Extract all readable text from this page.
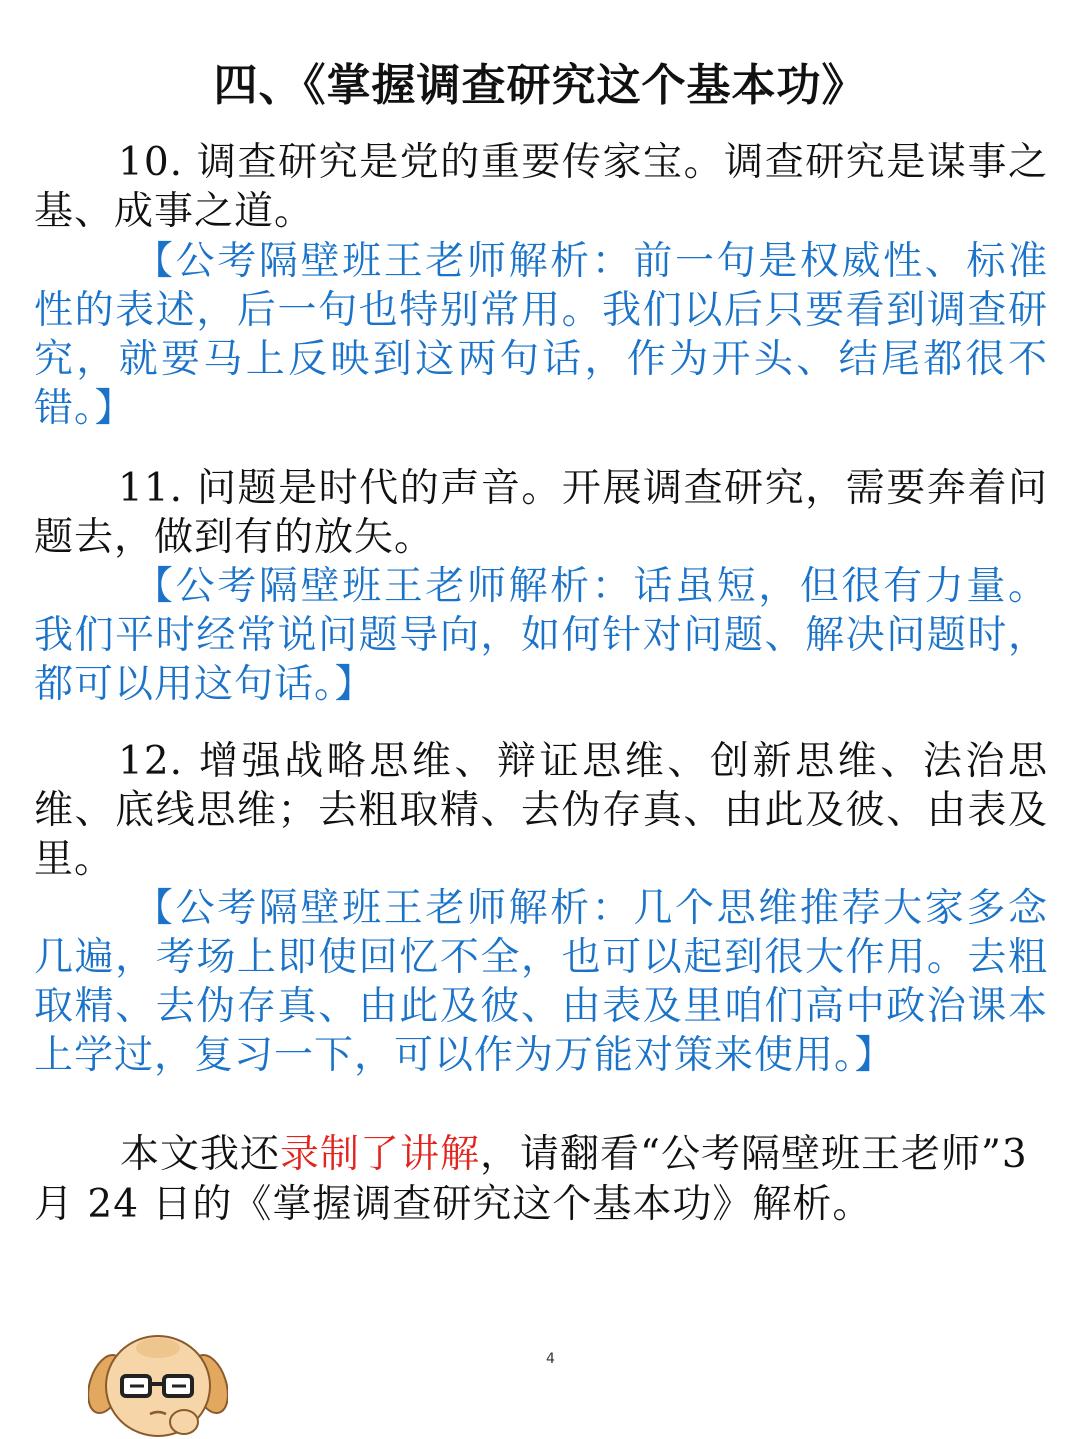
四、《掌握调查研究这个基本功》

10. 调查研究是党的重要传家宝。调查研究是谋事之基、成事之道。

【公考隔壁班王老师解析：前一句是权威性、标准性的表述，后一句也特别常用。我们以后只要看到调查研究，就要马上反映到这两句话，作为开头、结尾都很不错。】

11. 问题是时代的声音。开展调查研究，需要奔着问题去，做到有的放矢。

【公考隔壁班王老师解析：话虽短，但很有力量。我们平时经常说问题导向，如何针对问题、解决问题时，都可以用这句话。】

12. 增强战略思维、辩证思维、创新思维、法治思维、底线思维；去粗取精、去伪存真、由此及彼、由表及里。

【公考隔壁班王老师解析：几个思维推荐大家多念几遍，考场上即使回忆不全，也可以起到很大作用。去粗取精、去伪存真、由此及彼、由表及里咱们高中政治课本上学过，复习一下，可以作为万能对策来使用。】

本文我还录制了讲解，请翻看“公考隔壁班王老师”3 月 24 日的《掌握调查研究这个基本功》解析。

4
